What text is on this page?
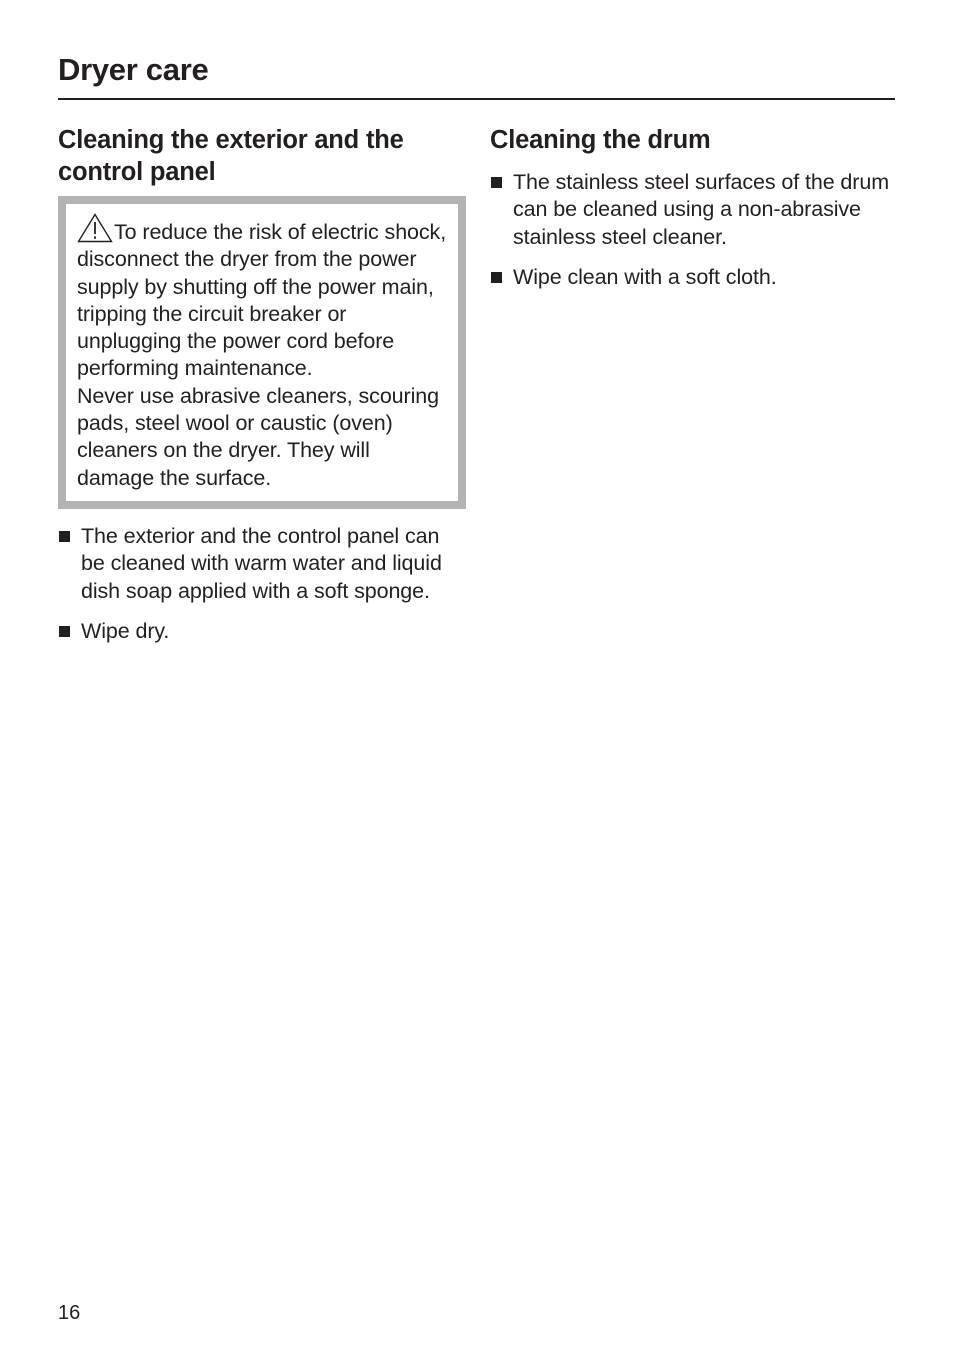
Dryer care
Cleaning the exterior and the control panel

To reduce the risk of electric shock, disconnect the dryer from the power supply by shutting off the power main, tripping the circuit breaker or unplugging the power cord before performing maintenance.

Never use abrasive cleaners, scouring pads, steel wool or caustic (oven) cleaners on the dryer. They will damage the surface.

The exterior and the control panel can be cleaned with warm water and liquid dish soap applied with a soft sponge.
Wipe dry.
Cleaning the drum
The stainless steel surfaces of the drum can be cleaned using a non-abrasive stainless steel cleaner.
Wipe clean with a soft cloth.
16
